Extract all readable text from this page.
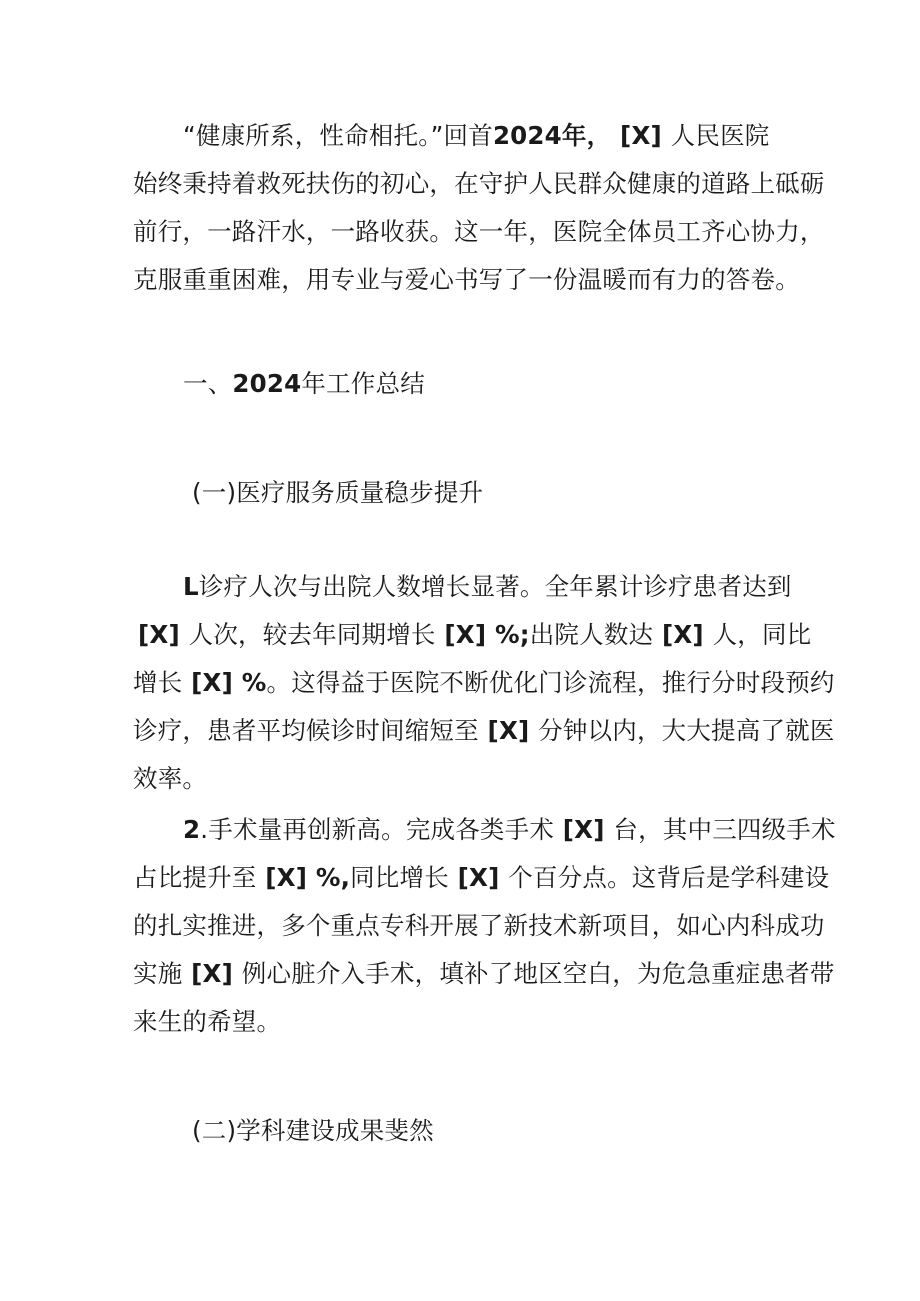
“健康所系，性命相托。”回首2024年， [X] 人民医院
始终秉持着救死扶伤的初心，在守护人民群众健康的道路上砥砺
前行，一路汗水，一路收获。这一年，医院全体员工齐心协力，
克服重重困难，用专业与爱心书写了一份温暖而有力的答卷。
一、2024年工作总结
(一)医疗服务质量稳步提升
L诊疗人次与出院人数增长显著。全年累计诊疗患者达到
[X] 人次，较去年同期增长 [X] %;出院人数达 [X] 人，同比
增长 [X] %。这得益于医院不断优化门诊流程，推行分时段预约
诊疗，患者平均候诊时间缩短至 [X] 分钟以内，大大提高了就医
效率。
2.手术量再创新高。完成各类手术 [X] 台，其中三四级手术
占比提升至 [X] %,同比增长 [X] 个百分点。这背后是学科建设
的扎实推进，多个重点专科开展了新技术新项目，如心内科成功
实施 [X] 例心脏介入手术，填补了地区空白，为危急重症患者带
来生的希望。
(二)学科建设成果斐然
